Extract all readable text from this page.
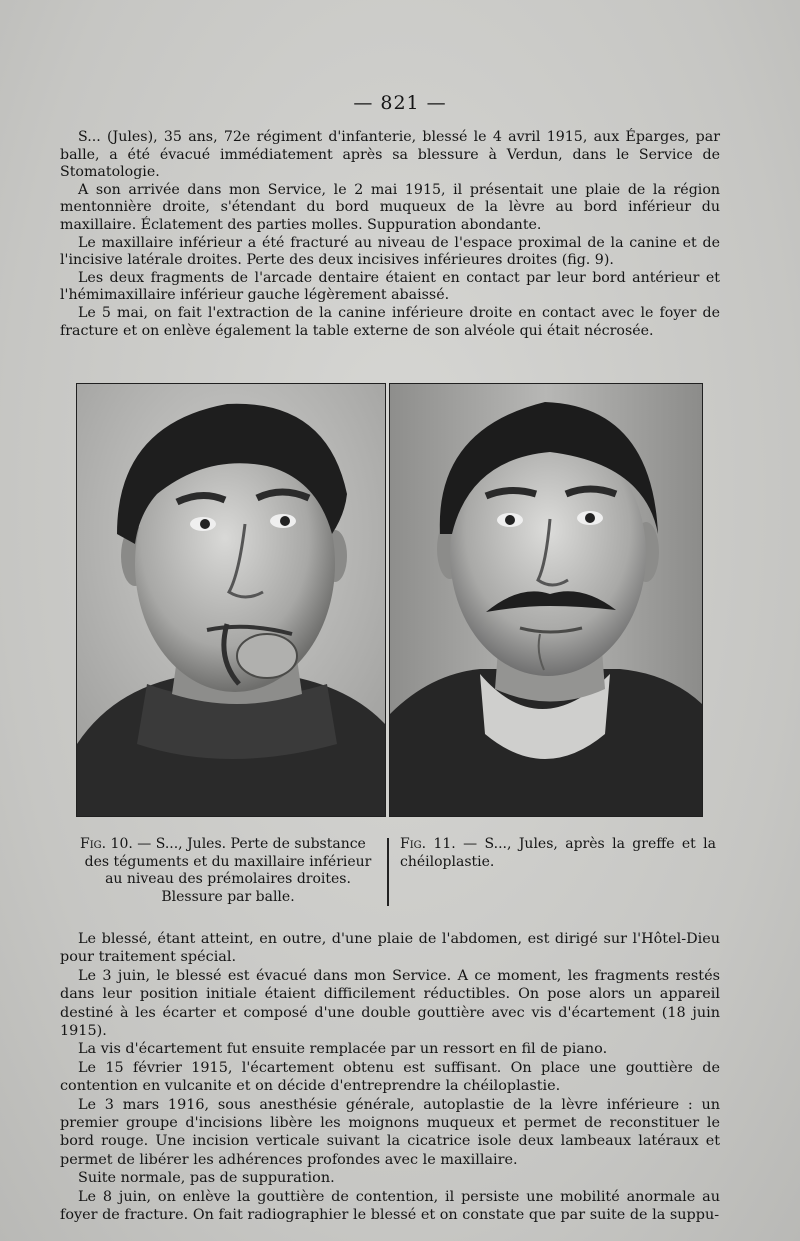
— 821 —

S... (Jules), 35 ans, 72e régiment d'infanterie, blessé le 4 avril 1915, aux Éparges, par balle, a été évacué immédiatement après sa blessure à Verdun, dans le Service de Stomatologie.

A son arrivée dans mon Service, le 2 mai 1915, il présentait une plaie de la région mentonnière droite, s'étendant du bord muqueux de la lèvre au bord inférieur du maxillaire. Éclatement des parties molles. Suppuration abondante.

Le maxillaire inférieur a été fracturé au niveau de l'espace proximal de la canine et de l'incisive latérale droites. Perte des deux incisives inférieures droites (fig. 9).

Les deux fragments de l'arcade dentaire étaient en contact par leur bord antérieur et l'hémimaxillaire inférieur gauche légèrement abaissé.

Le 5 mai, on fait l'extraction de la canine inférieure droite en contact avec le foyer de fracture et on enlève également la table externe de son alvéole qui était nécrosée.

Fig. 10. — S..., Jules. Perte de substance
des téguments et du maxillaire inférieur
au niveau des prémolaires droites.
Blessure par balle.
Fig. 11. — S..., Jules, après la greffe et la chéiloplastie.

Le blessé, étant atteint, en outre, d'une plaie de l'abdomen, est dirigé sur l'Hôtel-Dieu pour traitement spécial.

Le 3 juin, le blessé est évacué dans mon Service. A ce moment, les fragments restés dans leur position initiale étaient difficilement réductibles. On pose alors un appareil destiné à les écarter et composé d'une double gouttière avec vis d'écartement (18 juin 1915).

La vis d'écartement fut ensuite remplacée par un ressort en fil de piano.

Le 15 février 1915, l'écartement obtenu est suffisant. On place une gouttière de contention en vulcanite et on décide d'entreprendre la chéiloplastie.

Le 3 mars 1916, sous anesthésie générale, autoplastie de la lèvre inférieure : un premier groupe d'incisions libère les moignons muqueux et permet de reconstituer le bord rouge. Une incision verticale suivant la cicatrice isole deux lambeaux latéraux et permet de libérer les adhérences profondes avec le maxillaire.

Suite normale, pas de suppuration.

Le 8 juin, on enlève la gouttière de contention, il persiste une mobilité anormale au foyer de fracture. On fait radiographier le blessé et on constate que par suite de la suppu-
